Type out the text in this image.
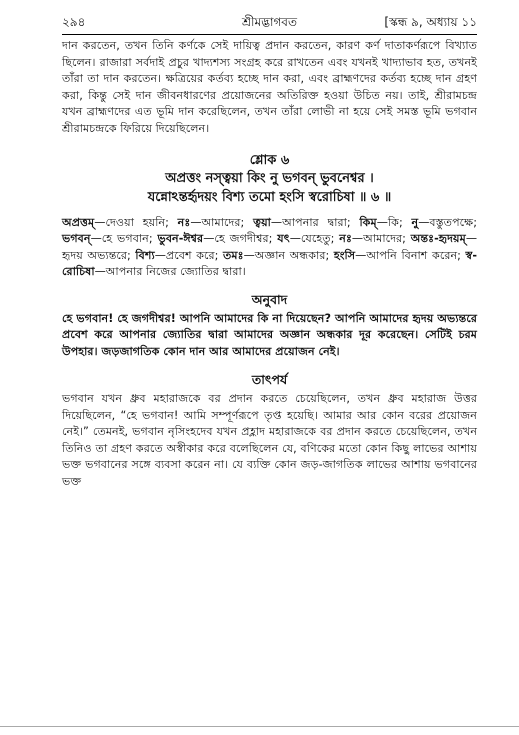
২৯৪	শ্রীমদ্ভাগবত	[স্কন্ধ ৯, অধ্যায় ১১

দান করতেন, তখন তিনি কর্ণকে সেই দায়িত্ব প্রদান করতেন, কারণ কর্ণ দাতাকর্ণরূপে বিখ্যাত ছিলেন। রাজারা সর্বদাই প্রচুর খাদ্যশস্য সংগ্রহ করে রাখতেন এবং যখনই খাদ্যাভাব হত, তখনই তাঁরা তা দান করতেন। ক্ষত্রিয়ের কর্তব্য হচ্ছে দান করা, এবং ব্রাহ্মণদের কর্তব্য হচ্ছে দান গ্রহণ করা, কিন্তু সেই দান জীবনধারণের প্রয়োজনের অতিরিক্ত হওয়া উচিত নয়। তাই, শ্রীরামচন্দ্র যখন ব্রাহ্মণদের এত ভূমি দান করেছিলেন, তখন তাঁরা লোভী না হয়ে সেই সমস্ত ভূমি ভগবান শ্রীরামচন্দ্রকে ফিরিয়ে দিয়েছিলেন।

শ্লোক ৬
অপ্রত্তং নস্ত্বয়া কিং নু ভগবন্ ভুবনেশ্বর ।
যন্নোঽন্তর্হৃদয়ং বিশ্য তমো হংসি স্বরোচিষা ॥ ৬ ॥

অপ্রত্তম্—দেওয়া হয়নি; নঃ—আমাদের; ত্বয়া—আপনার দ্বারা; কিম্—কি; নু—বস্তুতপক্ষে; ভগবন্—হে ভগবান; ভুবন-ঈশ্বর—হে জগদীশ্বর; যৎ—যেহেতু; নঃ—আমাদের; অন্তঃ-হৃদয়ম্—হৃদয় অভ্যন্তরে; বিশ্য—প্রবেশ করে; তমঃ—অজ্ঞান অন্ধকার; হংসি—আপনি বিনাশ করেন; স্ব-রোচিষা—আপনার নিজের জ্যোতির দ্বারা।

অনুবাদ

হে ভগবান! হে জগদীশ্বর! আপনি আমাদের কি না দিয়েছেন? আপনি আমাদের হৃদয় অভ্যন্তরে প্রবেশ করে আপনার জ্যোতির দ্বারা আমাদের অজ্ঞান অন্ধকার দূর করেছেন। সেটিই চরম উপহার। জড়জাগতিক কোন দান আর আমাদের প্রয়োজন নেই।

তাৎপর্য

ভগবান যখন ধ্রুব মহারাজকে বর প্রদান করতে চেয়েছিলেন, তখন ধ্রুব মহারাজ উত্তর দিয়েছিলেন, “হে ভগবান! আমি সম্পূর্ণরূপে তৃপ্ত হয়েছি। আমার আর কোন বরের প্রয়োজন নেই।” তেমনই, ভগবান নৃসিংহদেব যখন প্রহ্লাদ মহারাজকে বর প্রদান করতে চেয়েছিলেন, তখন তিনিও তা গ্রহণ করতে অস্বীকার করে বলেছিলেন যে, বণিকের মতো কোন কিছু লাভের আশায় ভক্ত ভগবানের সঙ্গে ব্যবসা করেন না। যে ব্যক্তি কোন জড়-জাগতিক লাভের আশায় ভগবানের ভক্ত
